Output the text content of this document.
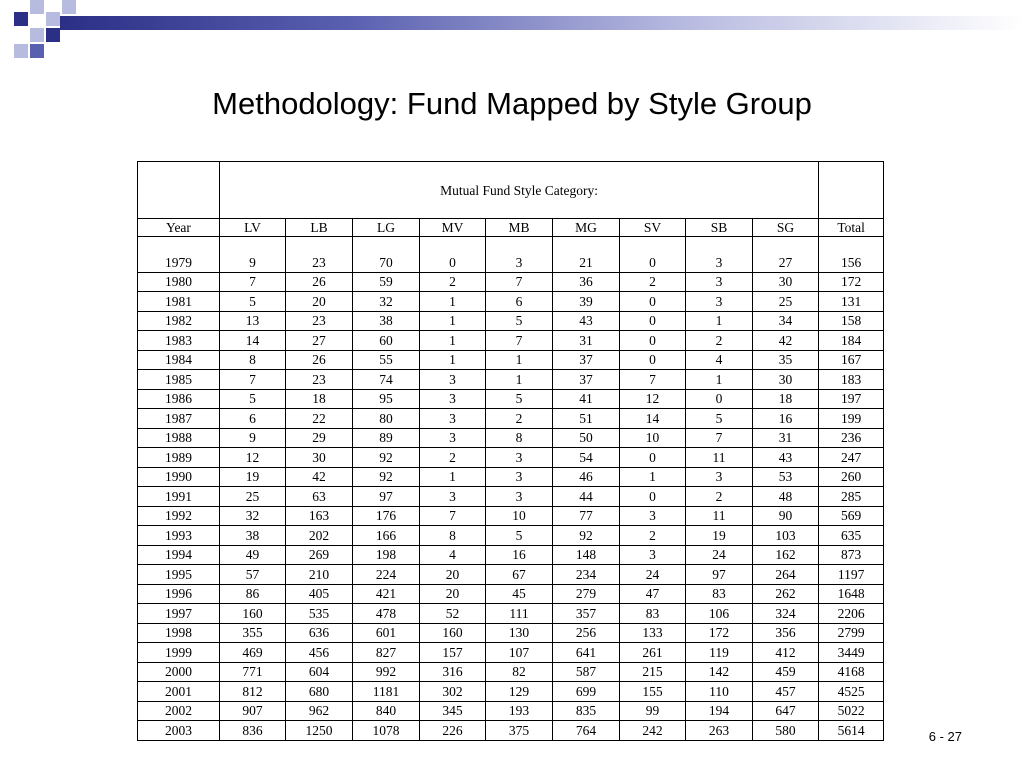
Methodology: Fund Mapped by Style Group
	Mutual Fund Style Category:									
Year	LV	LB	LG	MV	MB	MG	SV	SB	SG	Total

1979	9	23	70	0	3	21	0	3	27	156
1980	7	26	59	2	7	36	2	3	30	172
1981	5	20	32	1	6	39	0	3	25	131
1982	13	23	38	1	5	43	0	1	34	158
1983	14	27	60	1	7	31	0	2	42	184
1984	8	26	55	1	1	37	0	4	35	167
1985	7	23	74	3	1	37	7	1	30	183
1986	5	18	95	3	5	41	12	0	18	197
1987	6	22	80	3	2	51	14	5	16	199
1988	9	29	89	3	8	50	10	7	31	236
1989	12	30	92	2	3	54	0	11	43	247
1990	19	42	92	1	3	46	1	3	53	260
1991	25	63	97	3	3	44	0	2	48	285
1992	32	163	176	7	10	77	3	11	90	569
1993	38	202	166	8	5	92	2	19	103	635
1994	49	269	198	4	16	148	3	24	162	873
1995	57	210	224	20	67	234	24	97	264	1197
1996	86	405	421	20	45	279	47	83	262	1648
1997	160	535	478	52	111	357	83	106	324	2206
1998	355	636	601	160	130	256	133	172	356	2799
1999	469	456	827	157	107	641	261	119	412	3449
2000	771	604	992	316	82	587	215	142	459	4168
2001	812	680	1181	302	129	699	155	110	457	4525
2002	907	962	840	345	193	835	99	194	647	5022
2003	836	1250	1078	226	375	764	242	263	580	5614	6 - 27
